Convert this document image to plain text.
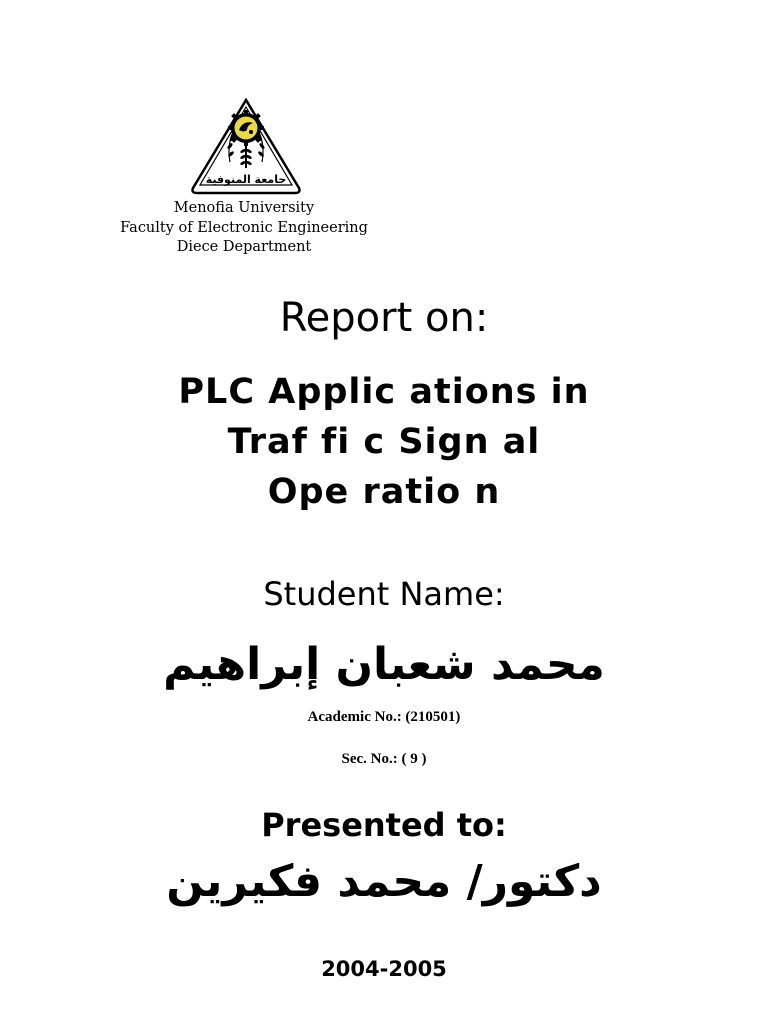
جامعة المنوفية
Menofia University
Faculty of Electronic Engineering
Diece Department
Report on:
PLC Applic ations in
Traf fi c Sign al
Ope ratio n
Student Name:
محمد شعبان إبراهيم
Academic No.: (210501)
Sec. No.: ( 9 )
Presented to:
دكتور/ محمد فكيرين
2004-2005
